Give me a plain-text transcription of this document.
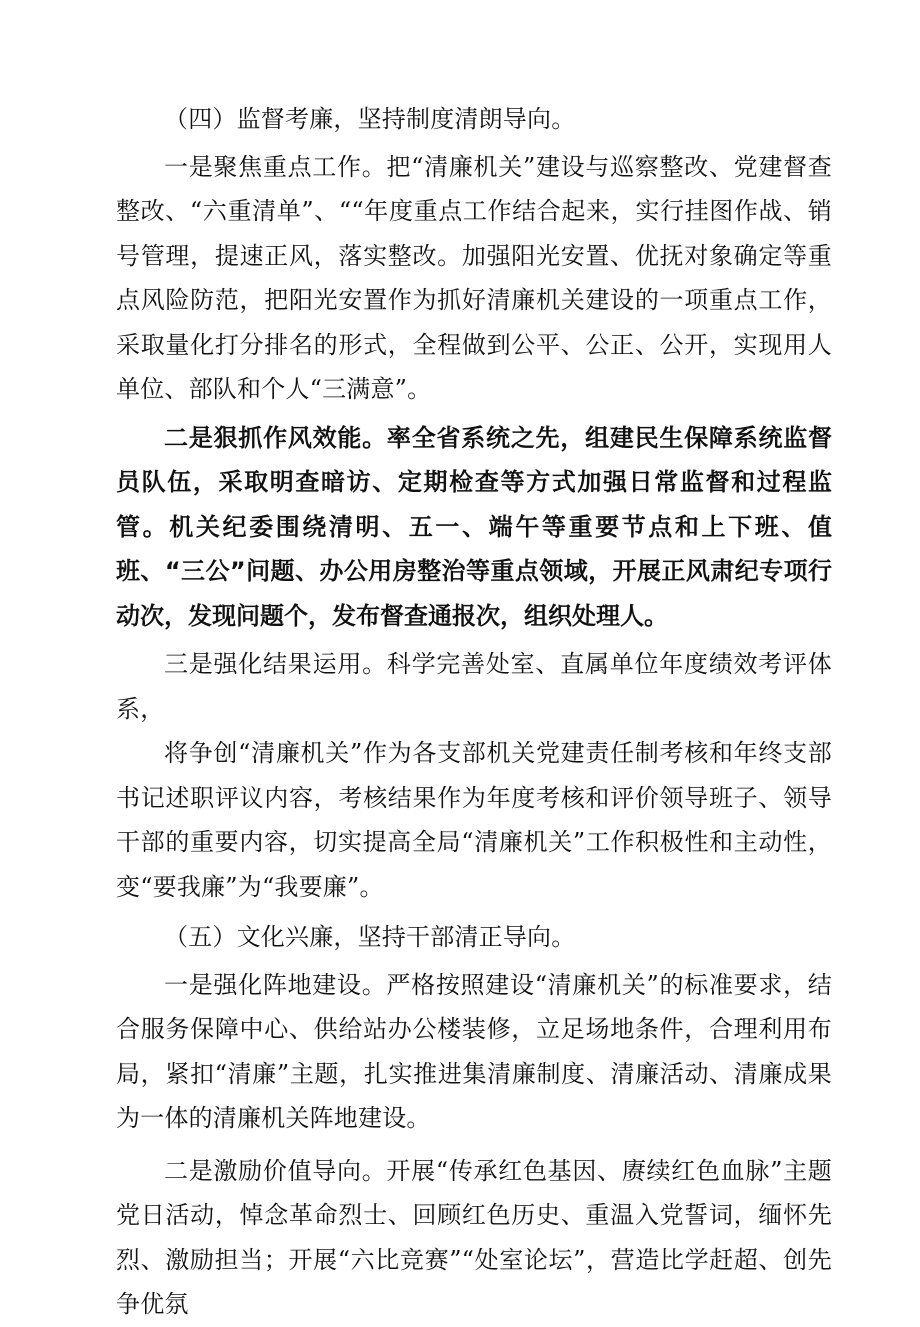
（四）监督考廉，坚持制度清朗导向。

一是聚焦重点工作。把“清廉机关”建设与巡察整改、党建督查整改、“六重清单”、““年度重点工作结合起来，实行挂图作战、销号管理，提速正风，落实整改。加强阳光安置、优抚对象确定等重点风险防范，把阳光安置作为抓好清廉机关建设的一项重点工作，采取量化打分排名的形式，全程做到公平、公正、公开，实现用人单位、部队和个人“三满意”。

二是狠抓作风效能。率全省系统之先，组建民生保障系统监督员队伍，采取明查暗访、定期检查等方式加强日常监督和过程监管。机关纪委围绕清明、五一、端午等重要节点和上下班、值班、“三公”问题、办公用房整治等重点领域，开展正风肃纪专项行动次，发现问题个，发布督查通报次，组织处理人。

三是强化结果运用。科学完善处室、直属单位年度绩效考评体系，

将争创“清廉机关”作为各支部机关党建责任制考核和年终支部书记述职评议内容，考核结果作为年度考核和评价领导班子、领导干部的重要内容，切实提高全局“清廉机关”工作积极性和主动性，变“要我廉”为“我要廉”。

（五）文化兴廉，坚持干部清正导向。

一是强化阵地建设。严格按照建设“清廉机关”的标准要求，结合服务保障中心、供给站办公楼装修，立足场地条件，合理利用布局，紧扣“清廉”主题，扎实推进集清廉制度、清廉活动、清廉成果为一体的清廉机关阵地建设。

二是激励价值导向。开展“传承红色基因、赓续红色血脉”主题党日活动，悼念革命烈士、回顾红色历史、重温入党誓词，缅怀先烈、激励担当；开展“六比竞赛”“处室论坛”，营造比学赶超、创先争优氛
